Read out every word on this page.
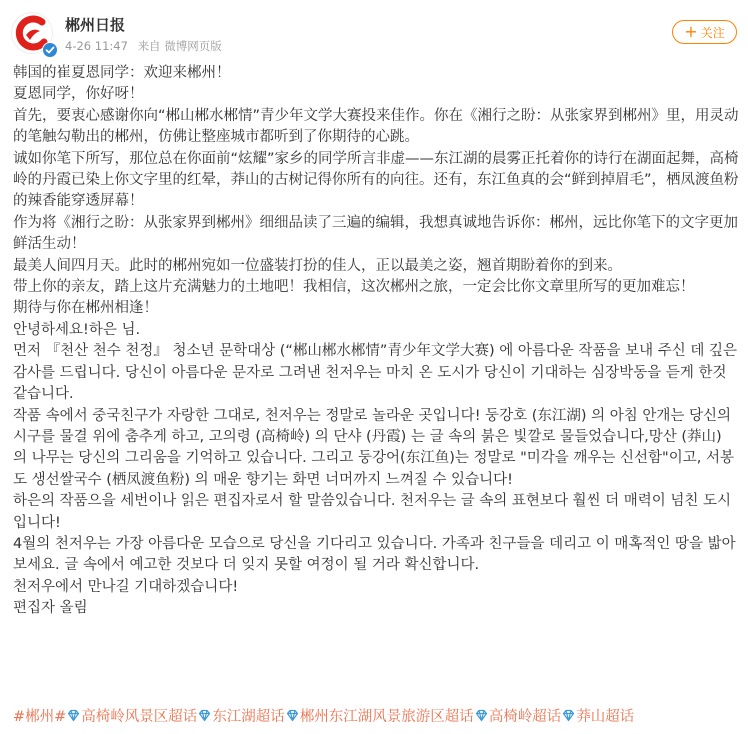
郴州日报
4-26 11:47 来自 微博网页版
+ 关注

韩国的崔夏恩同学：欢迎来郴州！

夏恩同学，你好呀！

首先，要衷心感谢你向“郴山郴水郴情”青少年文学大赛投来佳作。你在《湘行之盼：从张家界到郴州》里，用灵动的笔触勾勒出的郴州，仿佛让整座城市都听到了你期待的心跳。

诚如你笔下所写，那位总在你面前“炫耀”家乡的同学所言非虚——东江湖的晨雾正托着你的诗行在湖面起舞，高椅岭的丹霞已染上你文字里的红晕，莽山的古树记得你所有的向往。还有，东江鱼真的会“鲜到掉眉毛”，栖凤渡鱼粉的辣香能穿透屏幕！

作为将《湘行之盼：从张家界到郴州》细细品读了三遍的编辑，我想真诚地告诉你：郴州，远比你笔下的文字更加鲜活生动！

最美人间四月天。此时的郴州宛如一位盛装打扮的佳人，正以最美之姿，翘首期盼着你的到来。

带上你的亲友，踏上这片充满魅力的土地吧！我相信，这次郴州之旅，一定会比你文章里所写的更加难忘！

期待与你在郴州相逢！

안녕하세요!하은 님.

먼저 『천산 천수 천정』 청소년 문학대상 (“郴山郴水郴情”青少年文学大赛) 에 아름다운 작품을 보내 주신 데 깊은 감사를 드립니다. 당신이 아름다운 문자로 그려낸 천저우는 마치 온 도시가 당신이 기대하는 심장박동을 듣게 한것 같습니다.

작품 속에서 중국친구가 자랑한 그대로, 천저우는 정말로 놀라운 곳입니다! 둥강호 (东江湖) 의 아침 안개는 당신의 시구를 물결 위에 춤추게 하고, 고의령 (高椅岭) 의 단샤 (丹霞) 는 글 속의 붉은 빛깔로 물들었습니다,망산 (莽山) 의 나무는 당신의 그리움을 기억하고 있습니다. 그리고 둥강어(东江鱼)는 정말로 "미각을 깨우는 신선함"이고, 서봉도 생선쌀국수 (栖凤渡鱼粉) 의 매운 향기는 화면 너머까지 느껴질 수 있습니다!

하은의 작품으을 세번이나 읽은 편집자로서 할 말씀있습니다. 천저우는 글 속의 표현보다 훨씬 더 매력이 넘친 도시입니다!

4월의 천저우는 가장 아름다운 모습으로 당신을 기다리고 있습니다. 가족과 친구들을 데리고 이 매혹적인 땅을 밟아 보세요. 글 속에서 예고한 것보다 더 잊지 못할 여정이 될 거라 확신합니다.

천저우에서 만나길 기대하겠습니다!

편집자 올림

#郴州# 高椅岭风景区超话 东江湖超话 郴州东江湖风景旅游区超话 高椅岭超话 莽山超话
